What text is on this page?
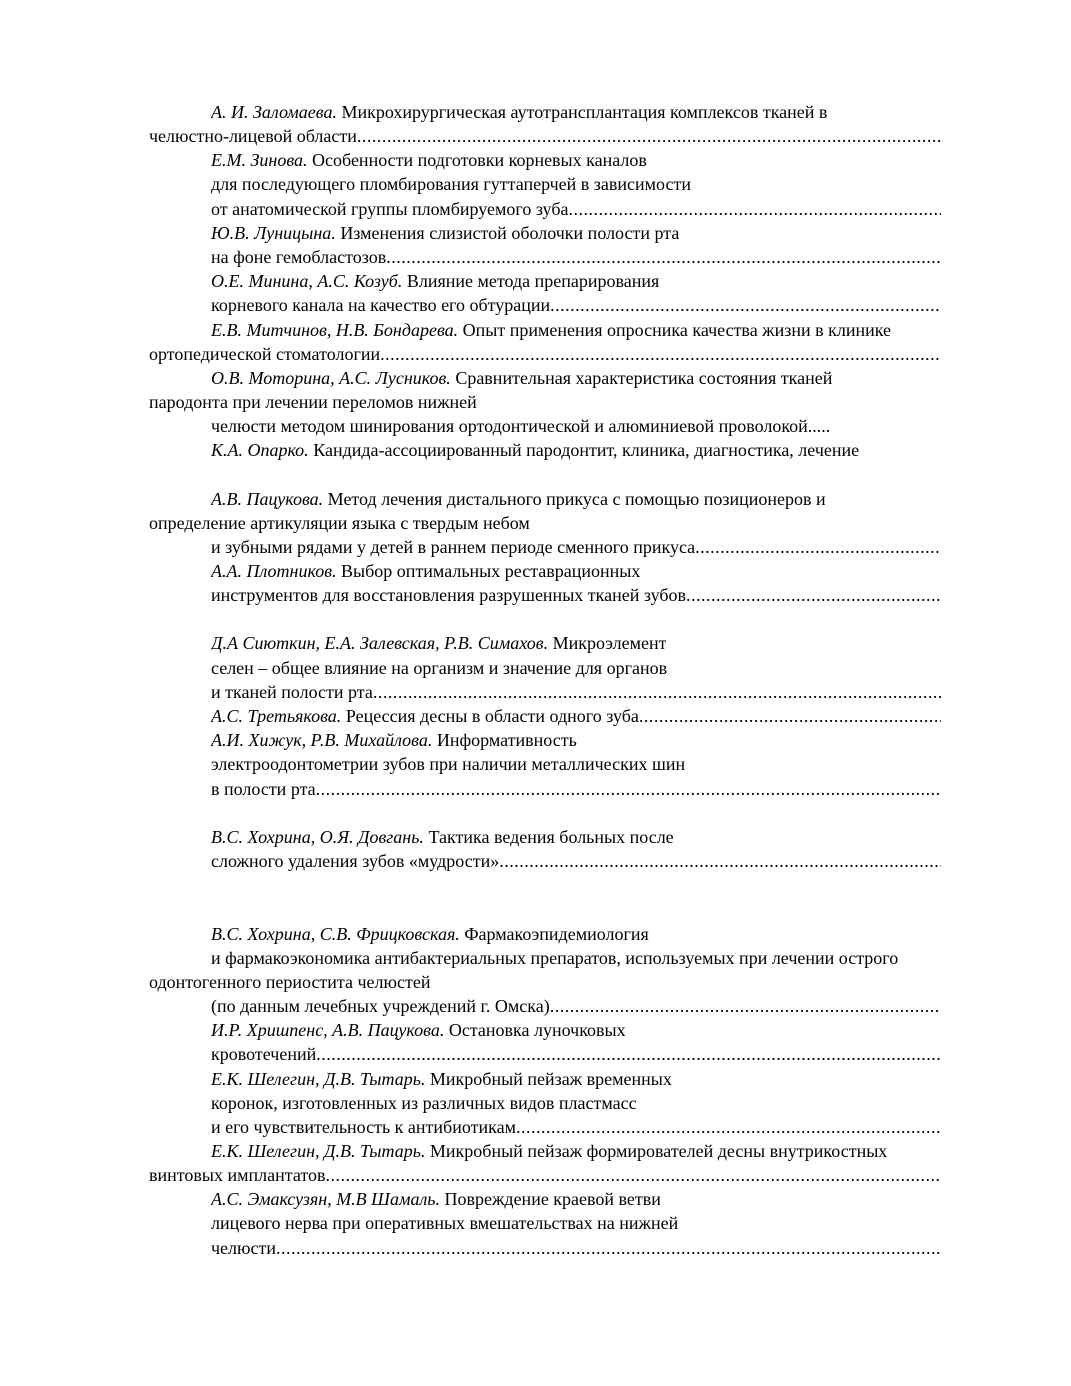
А. И. Заломаева. Микрохирургическая аутотрансплантация комплексов тканей в
челюстно-лицевой области
.....
Е.М. Зинова. Особенности подготовки корневых каналов
для последующего пломбирования гуттаперчей в зависимости
от анатомической группы пломбируемого зуба
.....
Ю.В. Луницына. Изменения слизистой оболочки полости рта
на фоне гемобластозов
.....
О.Е. Минина, А.С. Козуб. Влияние метода препарирования
корневого канала на качество его обтурации
.....
Е.В. Митчинов, Н.В. Бондарева. Опыт применения опросника качества жизни в клинике
ортопедической стоматологии
.....
О.В. Моторина, А.С. Лусников. Сравнительная характеристика состояния тканей
пародонта при лечении переломов нижней
челюсти методом шинирования ортодонтической и алюминиевой проволокой.....
К.А. Опарко. Кандида-ассоциированный пародонтит, клиника, диагностика, лечение
А.В. Пацукова. Метод лечения дистального прикуса с помощью позиционеров и
определение артикуляции языка с твердым небом
и зубными рядами у детей в раннем периоде сменного прикуса
.....
А.А. Плотников. Выбор оптимальных реставрационных
инструментов для восстановления разрушенных тканей зубов
.....
Д.А Сиюткин, Е.А. Залевская, Р.В. Симахов. Микроэлемент
селен – общее влияние на организм и значение для органов
и тканей полости рта
.....
А.С. Третьякова. Рецессия десны в области одного зуба
.....
А.И. Хижук, Р.В. Михайлова. Информативность
электроодонтометрии зубов при наличии металлических шин
в полости рта
.....
В.С. Хохрина, О.Я. Довгань. Тактика ведения больных после
сложного удаления зубов «мудрости»
.....
В.С. Хохрина, С.В. Фрицковская. Фармакоэпидемиология
и фармакоэкономика антибактериальных препаратов, используемых при лечении острого
одонтогенного периостита челюстей
(по данным лечебных учреждений г. Омска)
.....
И.Р. Хришпенс, А.В. Пацукова. Остановка луночковых
кровотечений
.....
Е.К. Шелегин, Д.В. Тытарь. Микробный пейзаж временных
коронок, изготовленных из различных видов пластмасс
и его чувствительность к антибиотикам
.....
Е.К. Шелегин, Д.В. Тытарь. Микробный пейзаж формирователей десны внутрикостных
винтовых имплантатов
.....
А.С. Эмаксузян, М.В Шамаль. Повреждение краевой ветви
лицевого нерва при оперативных вмешательствах на нижней
челюсти
.....
